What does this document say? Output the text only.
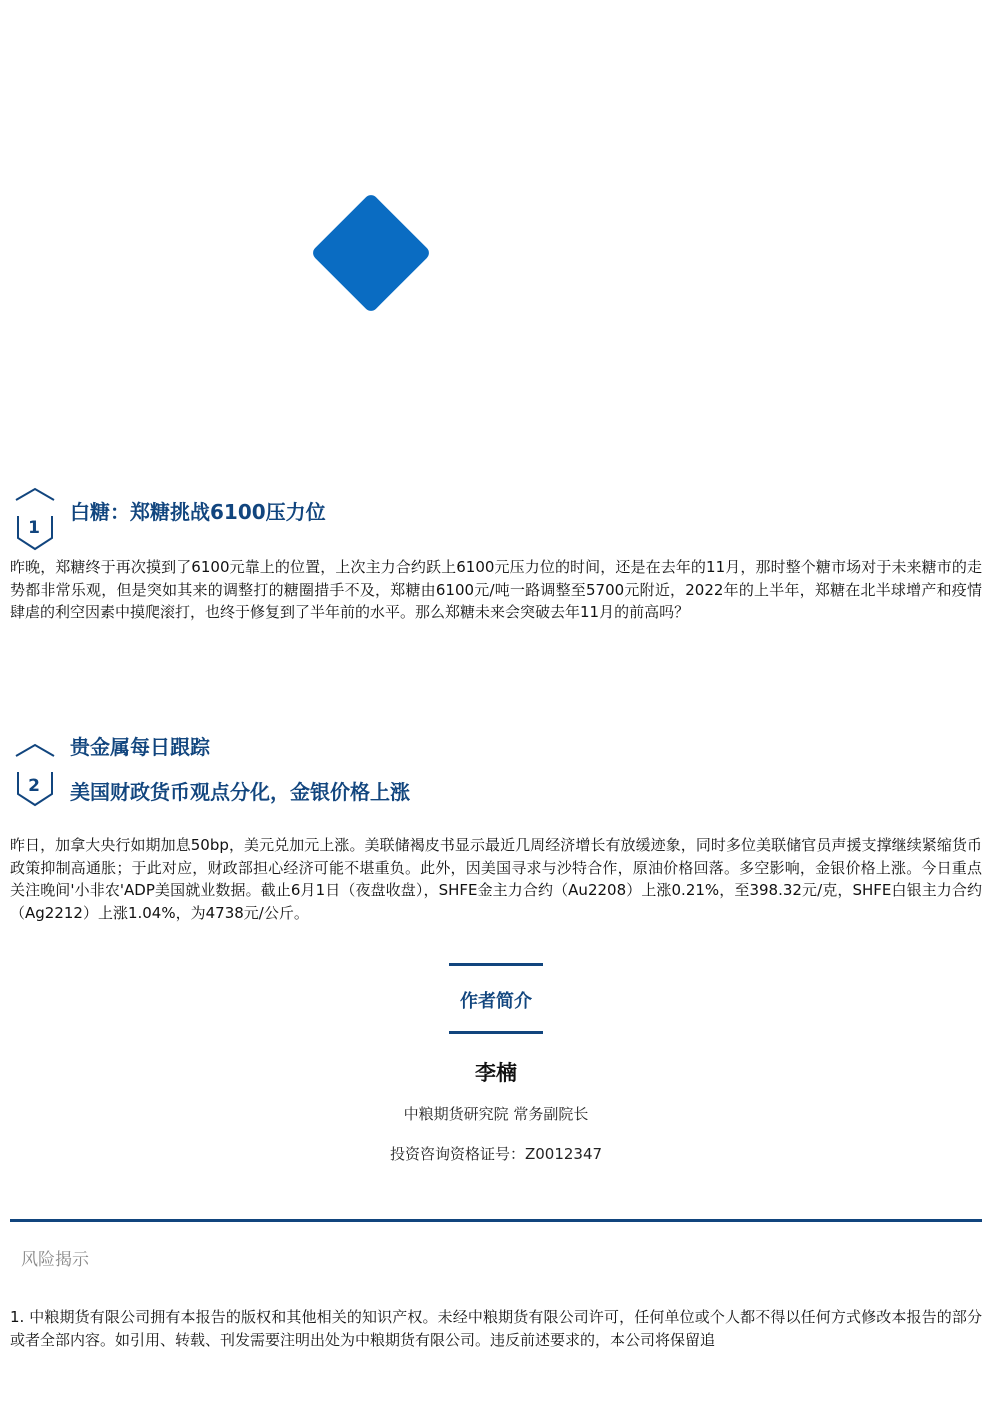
1
白糖：郑糖挑战6100压力位
昨晚，郑糖终于再次摸到了6100元靠上的位置，上次主力合约跃上6100元压力位的时间，还是在去年的11月，那时整个糖市场对于未来糖市的走势都非常乐观，但是突如其来的调整打的糖圈措手不及，郑糖由6100元/吨一路调整至5700元附近，2022年的上半年，郑糖在北半球增产和疫情肆虐的利空因素中摸爬滚打，也终于修复到了半年前的水平。那么郑糖未来会突破去年11月的前高吗？
2
贵金属每日跟踪
美国财政货币观点分化，金银价格上涨
昨日，加拿大央行如期加息50bp，美元兑加元上涨。美联储褐皮书显示最近几周经济增长有放缓迹象，同时多位美联储官员声援支撑继续紧缩货币政策抑制高通胀；于此对应，财政部担心经济可能不堪重负。此外，因美国寻求与沙特合作，原油价格回落。多空影响，金银价格上涨。今日重点关注晚间'小非农'ADP美国就业数据。截止6月1日（夜盘收盘），SHFE金主力合约（Au2208）上涨0.21%，至398.32元/克，SHFE白银主力合约（Ag2212）上涨1.04%，为4738元/公斤。
作者简介
李楠
中粮期货研究院 常务副院长
投资咨询资格证号：Z0012347
风险揭示
1. 中粮期货有限公司拥有本报告的版权和其他相关的知识产权。未经中粮期货有限公司许可，任何单位或个人都不得以任何方式修改本报告的部分或者全部内容。如引用、转载、刊发需要注明出处为中粮期货有限公司。违反前述要求的，本公司将保留追
